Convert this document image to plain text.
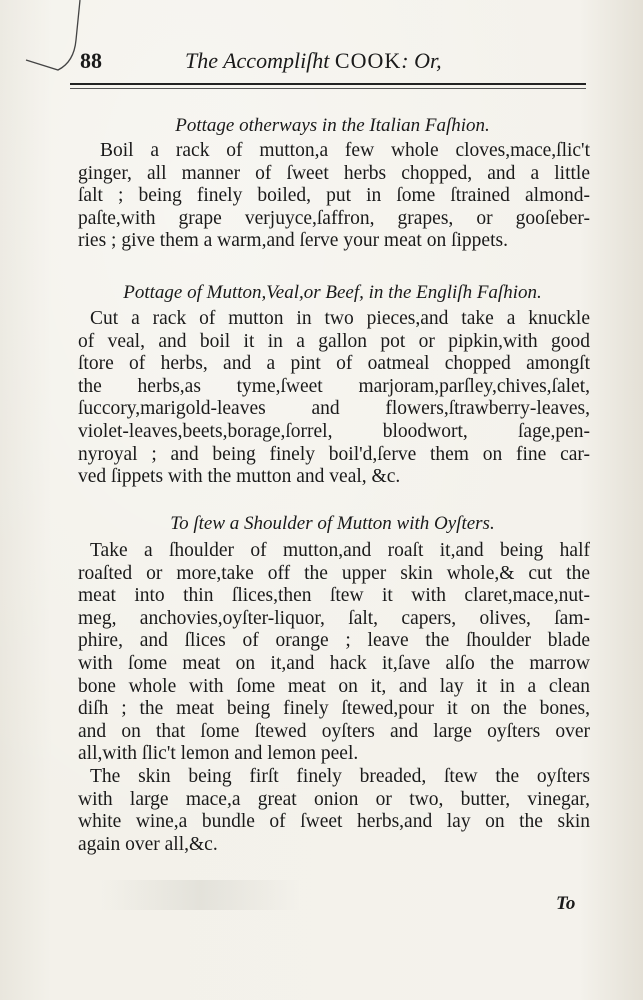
88	The Accompliſht COOK: Or,
Pottage otherways in the Italian Faſhion.
Boil a rack of mutton,a few whole cloves,mace,ſlic't
ginger, all manner of ſweet herbs chopped, and a little
ſalt ; being finely boiled, put in ſome ſtrained almond-
paſte,with grape verjuyce,ſaffron, grapes, or gooſeber-
ries ; give them a warm,and ſerve your meat on ſippets.
Pottage of Mutton,Veal,or Beef, in the Engliſh Faſhion.
Cut a rack of mutton in two pieces,and take a knuckle
of veal, and boil it in a gallon pot or pipkin,with good
ſtore of herbs, and a pint of oatmeal chopped amongſt
the herbs,as tyme,ſweet marjoram,parſley,chives,ſalet,
ſuccory,marigold-leaves and flowers,ſtrawberry-leaves,
violet-leaves,beets,borage,ſorrel, bloodwort, ſage,pen-
nyroyal ; and being finely boil'd,ſerve them on fine car-
ved ſippets with the mutton and veal, &c.
To ſtew a Shoulder of Mutton with Oyſters.
Take a ſhoulder of mutton,and roaſt it,and being half
roaſted or more,take off the upper skin whole,& cut the
meat into thin ſlices,then ſtew it with claret,mace,nut-
meg, anchovies,oyſter-liquor, ſalt, capers, olives, ſam-
phire, and ſlices of orange ; leave the ſhoulder blade
with ſome meat on it,and hack it,ſave alſo the marrow
bone whole with ſome meat on it, and lay it in a clean
diſh ; the meat being finely ſtewed,pour it on the bones,
and on that ſome ſtewed oyſters and large oyſters over
all,with ſlic't lemon and lemon peel.
The skin being firſt finely breaded, ſtew the oyſters
with large mace,a great onion or two, butter, vinegar,
white wine,a bundle of ſweet herbs,and lay on the skin
again over all,&c.
To
